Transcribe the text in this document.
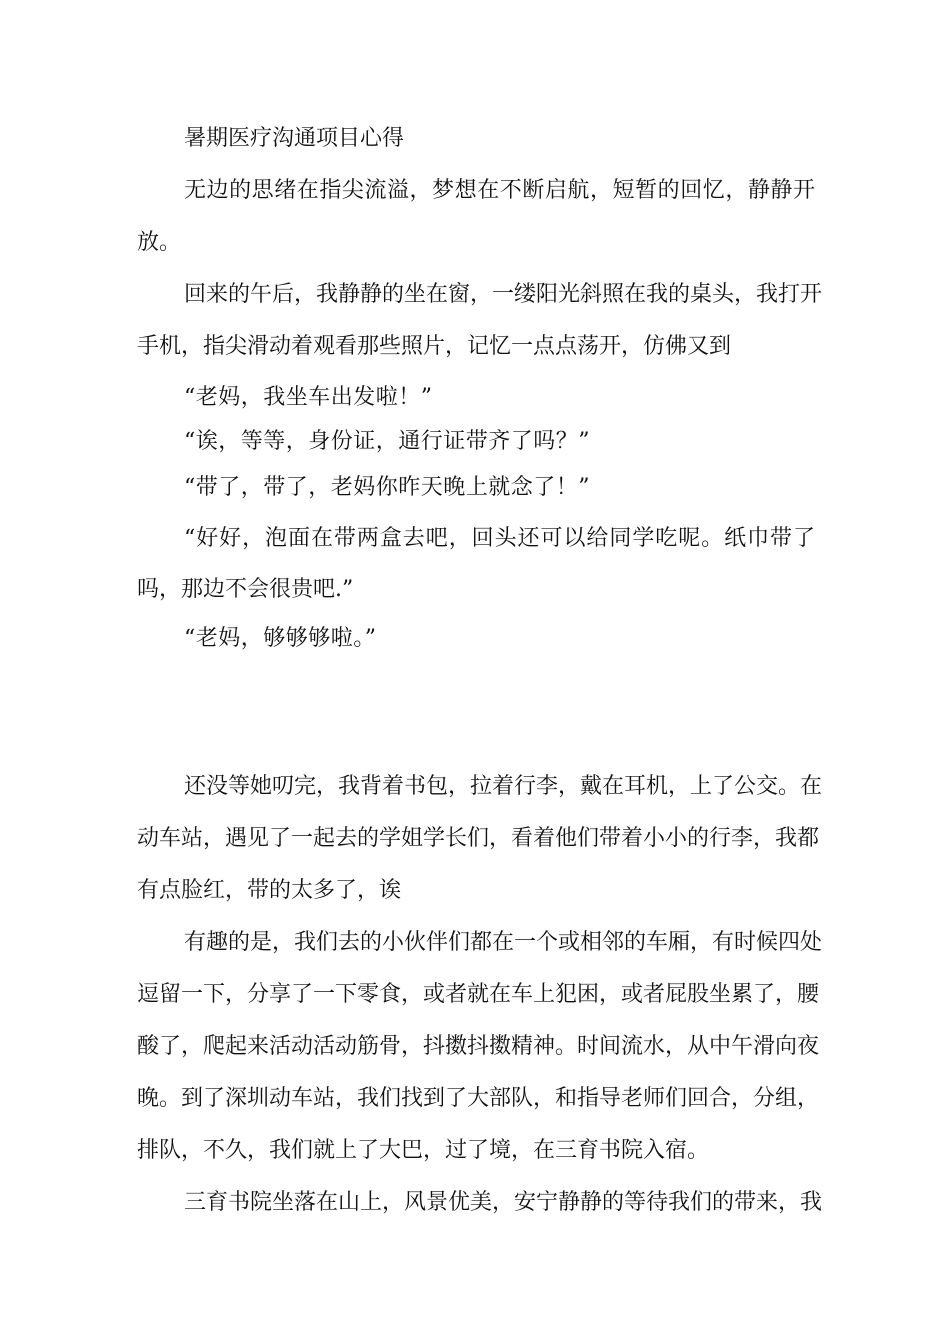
暑期医疗沟通项目心得
无边的思绪在指尖流溢，梦想在不断启航，短暂的回忆，静静开
放。
回来的午后，我静静的坐在窗，一缕阳光斜照在我的桌头，我打开
手机，指尖滑动着观看那些照片，记忆一点点荡开，仿佛又到
“老妈，我坐车出发啦！”
“诶，等等，身份证，通行证带齐了吗？”
“带了，带了，老妈你昨天晚上就念了！”
“好好，泡面在带两盒去吧，回头还可以给同学吃呢。纸巾带了
吗，那边不会很贵吧.”
“老妈，够够够啦。”
还没等她叨完，我背着书包，拉着行李，戴在耳机，上了公交。在
动车站，遇见了一起去的学姐学长们，看着他们带着小小的行李，我都
有点脸红，带的太多了，诶
有趣的是，我们去的小伙伴们都在一个或相邻的车厢，有时候四处
逗留一下，分享了一下零食，或者就在车上犯困，或者屁股坐累了，腰
酸了，爬起来活动活动筋骨，抖擞抖擞精神。时间流水，从中午滑向夜
晚。到了深圳动车站，我们找到了大部队，和指导老师们回合，分组，
排队，不久，我们就上了大巴，过了境，在三育书院入宿。
三育书院坐落在山上，风景优美，安宁静静的等待我们的带来，我
